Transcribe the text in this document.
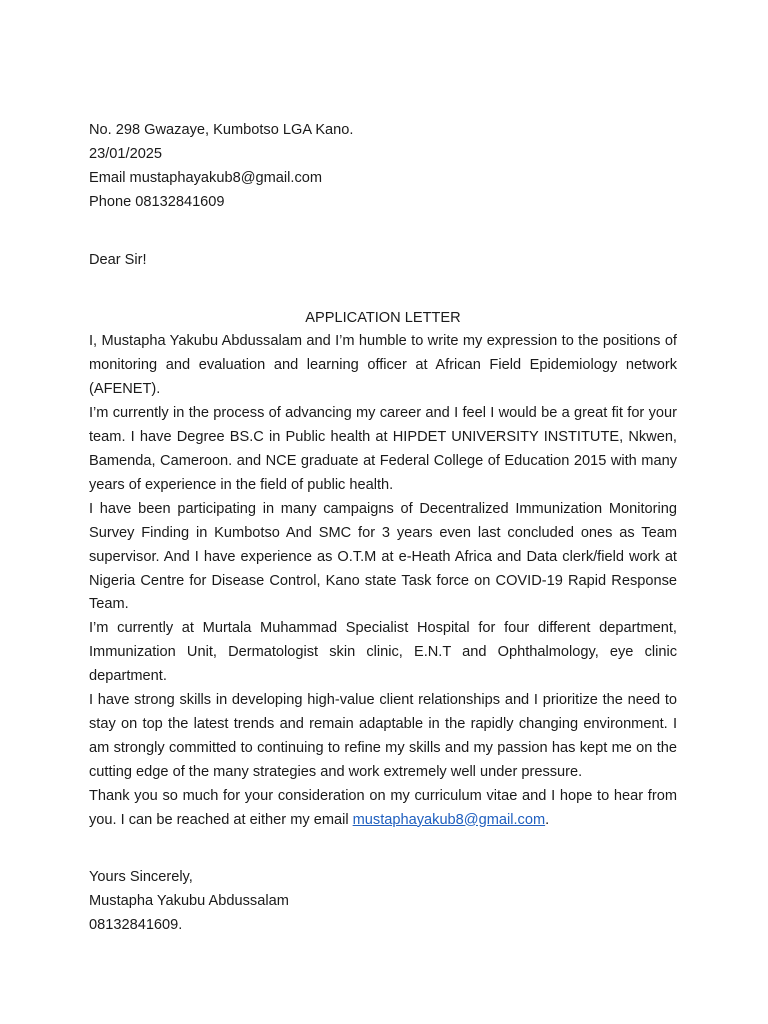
No. 298 Gwazaye, Kumbotso LGA Kano.
23/01/2025
Email mustaphayakub8@gmail.com
Phone 08132841609
Dear Sir!
APPLICATION LETTER

I, Mustapha Yakubu Abdussalam and I’m humble to write my expression to the positions of monitoring and evaluation and learning officer at African Field Epidemiology network (AFENET).

I’m currently in the process of advancing my career and I feel I would be a great fit for your team. I have Degree BS.C in Public health at HIPDET UNIVERSITY INSTITUTE, Nkwen, Bamenda, Cameroon. and NCE graduate at Federal College of Education 2015 with many years of experience in the field of public health.

I have been participating in many campaigns of Decentralized Immunization Monitoring Survey Finding in Kumbotso And SMC for 3 years even last concluded ones as Team supervisor. And I have experience as O.T.M at e-Heath Africa and Data clerk/field work at Nigeria Centre for Disease Control, Kano state Task force on COVID-19 Rapid Response Team.

I’m currently at Murtala Muhammad Specialist Hospital for four different department, Immunization Unit, Dermatologist skin clinic, E.N.T and Ophthalmology, eye clinic department.

I have strong skills in developing high-value client relationships and I prioritize the need to stay on top the latest trends and remain adaptable in the rapidly changing environment. I am strongly committed to continuing to refine my skills and my passion has kept me on the cutting edge of the many strategies and work extremely well under pressure.

Thank you so much for your consideration on my curriculum vitae and I hope to hear from you. I can be reached at either my email mustaphayakub8@gmail.com.

Yours Sincerely,
Mustapha Yakubu Abdussalam
08132841609.
